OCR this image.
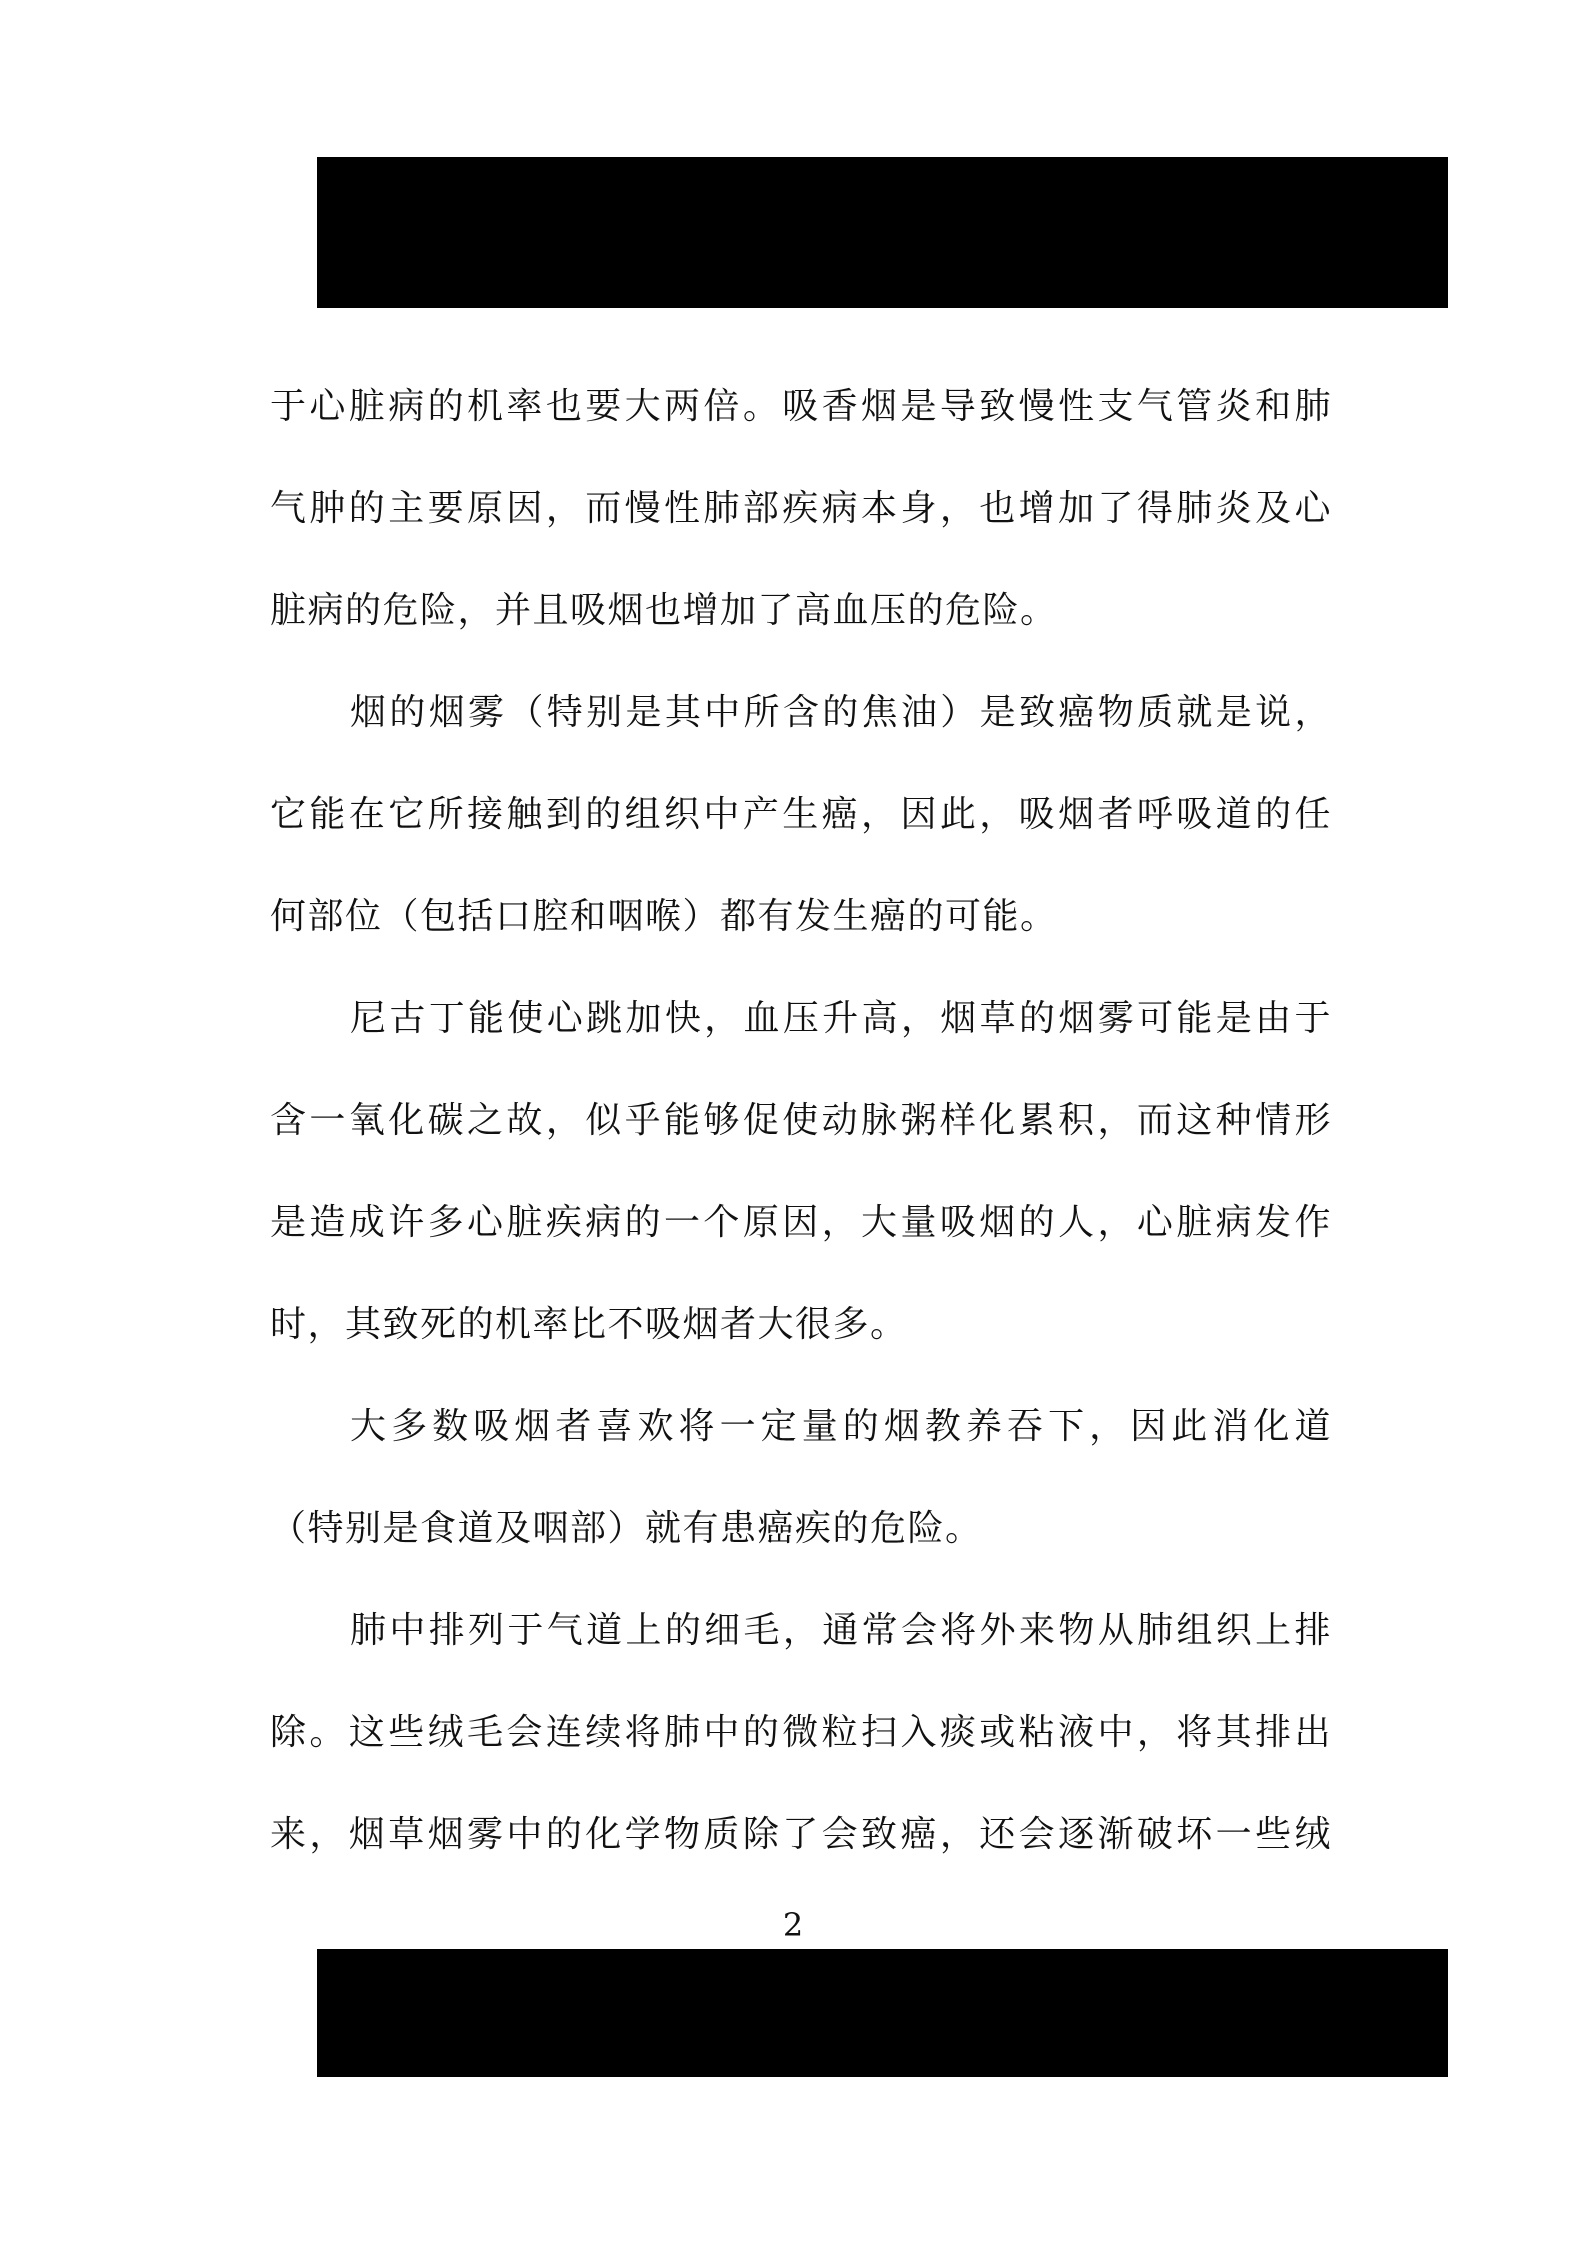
于心脏病的机率也要大两倍。吸香烟是导致慢性支气管炎和肺
气肿的主要原因，而慢性肺部疾病本身，也增加了得肺炎及心
脏病的危险，并且吸烟也增加了高血压的危险。
烟的烟雾（特别是其中所含的焦油）是致癌物质就是说，
它能在它所接触到的组织中产生癌，因此，吸烟者呼吸道的任
何部位（包括口腔和咽喉）都有发生癌的可能。
尼古丁能使心跳加快，血压升高，烟草的烟雾可能是由于
含一氧化碳之故，似乎能够促使动脉粥样化累积，而这种情形
是造成许多心脏疾病的一个原因，大量吸烟的人，心脏病发作
时，其致死的机率比不吸烟者大很多。
大多数吸烟者喜欢将一定量的烟教养吞下，因此消化道
（特别是食道及咽部）就有患癌疾的危险。
肺中排列于气道上的细毛，通常会将外来物从肺组织上排
除。这些绒毛会连续将肺中的微粒扫入痰或粘液中，将其排出
来，烟草烟雾中的化学物质除了会致癌，还会逐渐破坏一些绒
2
